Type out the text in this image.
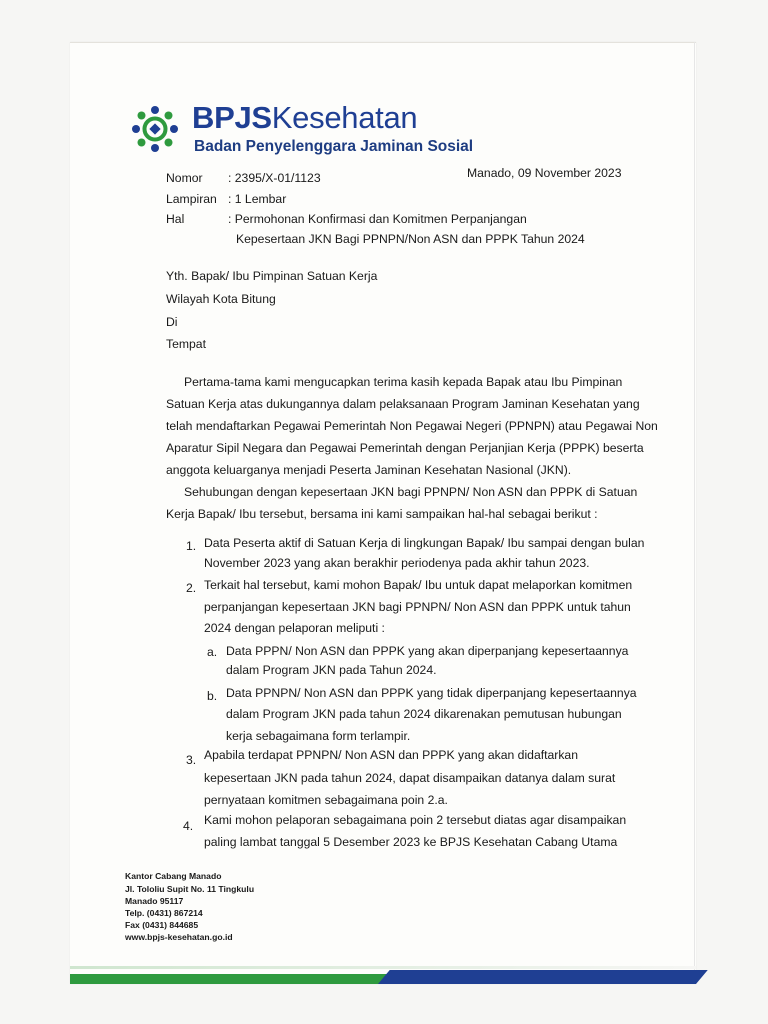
BPJSKesehatan

Badan Penyelenggara Jaminan Sosial

Manado, 09 November 2023

Nomor : 2395/X-01/1123

Lampiran : 1 Lembar

Hal	: Permohonan Konfirmasi dan Komitmen Perpanjangan

Kepesertaan JKN Bagi PPNPN/Non ASN dan PPPK Tahun 2024

Yth. Bapak/ Ibu Pimpinan Satuan Kerja

Wilayah Kota Bitung

Di

Tempat

Pertama-tama kami mengucapkan terima kasih kepada Bapak atau Ibu Pimpinan

Satuan Kerja atas dukungannya dalam pelaksanaan Program Jaminan Kesehatan yang

telah mendaftarkan Pegawai Pemerintah Non Pegawai Negeri (PPNPN) atau Pegawai Non

Aparatur Sipil Negara dan Pegawai Pemerintah dengan Perjanjian Kerja (PPPK) beserta

anggota keluarganya menjadi Peserta Jaminan Kesehatan Nasional (JKN).

Sehubungan dengan kepesertaan JKN bagi PPNPN/ Non ASN dan PPPK di Satuan

Kerja Bapak/ Ibu tersebut, bersama ini kami sampaikan hal-hal sebagai berikut :

1. Data Peserta aktif di Satuan Kerja di lingkungan Bapak/ Ibu sampai dengan bulan

November 2023 yang akan berakhir periodenya pada akhir tahun 2023.

2. Terkait hal tersebut, kami mohon Bapak/ Ibu untuk dapat melaporkan komitmen

perpanjangan kepesertaan JKN bagi PPNPN/ Non ASN dan PPPK untuk tahun

2024 dengan pelaporan meliputi :

a. Data PPPN/ Non ASN dan PPPK yang akan diperpanjang kepesertaannya

dalam Program JKN pada Tahun 2024.

b. Data PPNPN/ Non ASN dan PPPK yang tidak diperpanjang kepesertaannya

dalam Program JKN pada tahun 2024 dikarenakan pemutusan hubungan

kerja sebagaimana form terlampir.

3. Apabila terdapat PPNPN/ Non ASN dan PPPK yang akan didaftarkan

kepesertaan JKN pada tahun 2024, dapat disampaikan datanya dalam surat

pernyataan komitmen sebagaimana poin 2.a.

4. Kami mohon pelaporan sebagaimana poin 2 tersebut diatas agar disampaikan

paling lambat tanggal 5 Desember 2023 ke BPJS Kesehatan Cabang Utama

Kantor Cabang Manado

Jl. Tololiu Supit No. 11 Tingkulu

Manado 95117

Telp. (0431) 867214

Fax (0431) 844685

www.bpjs-kesehatan.go.id
